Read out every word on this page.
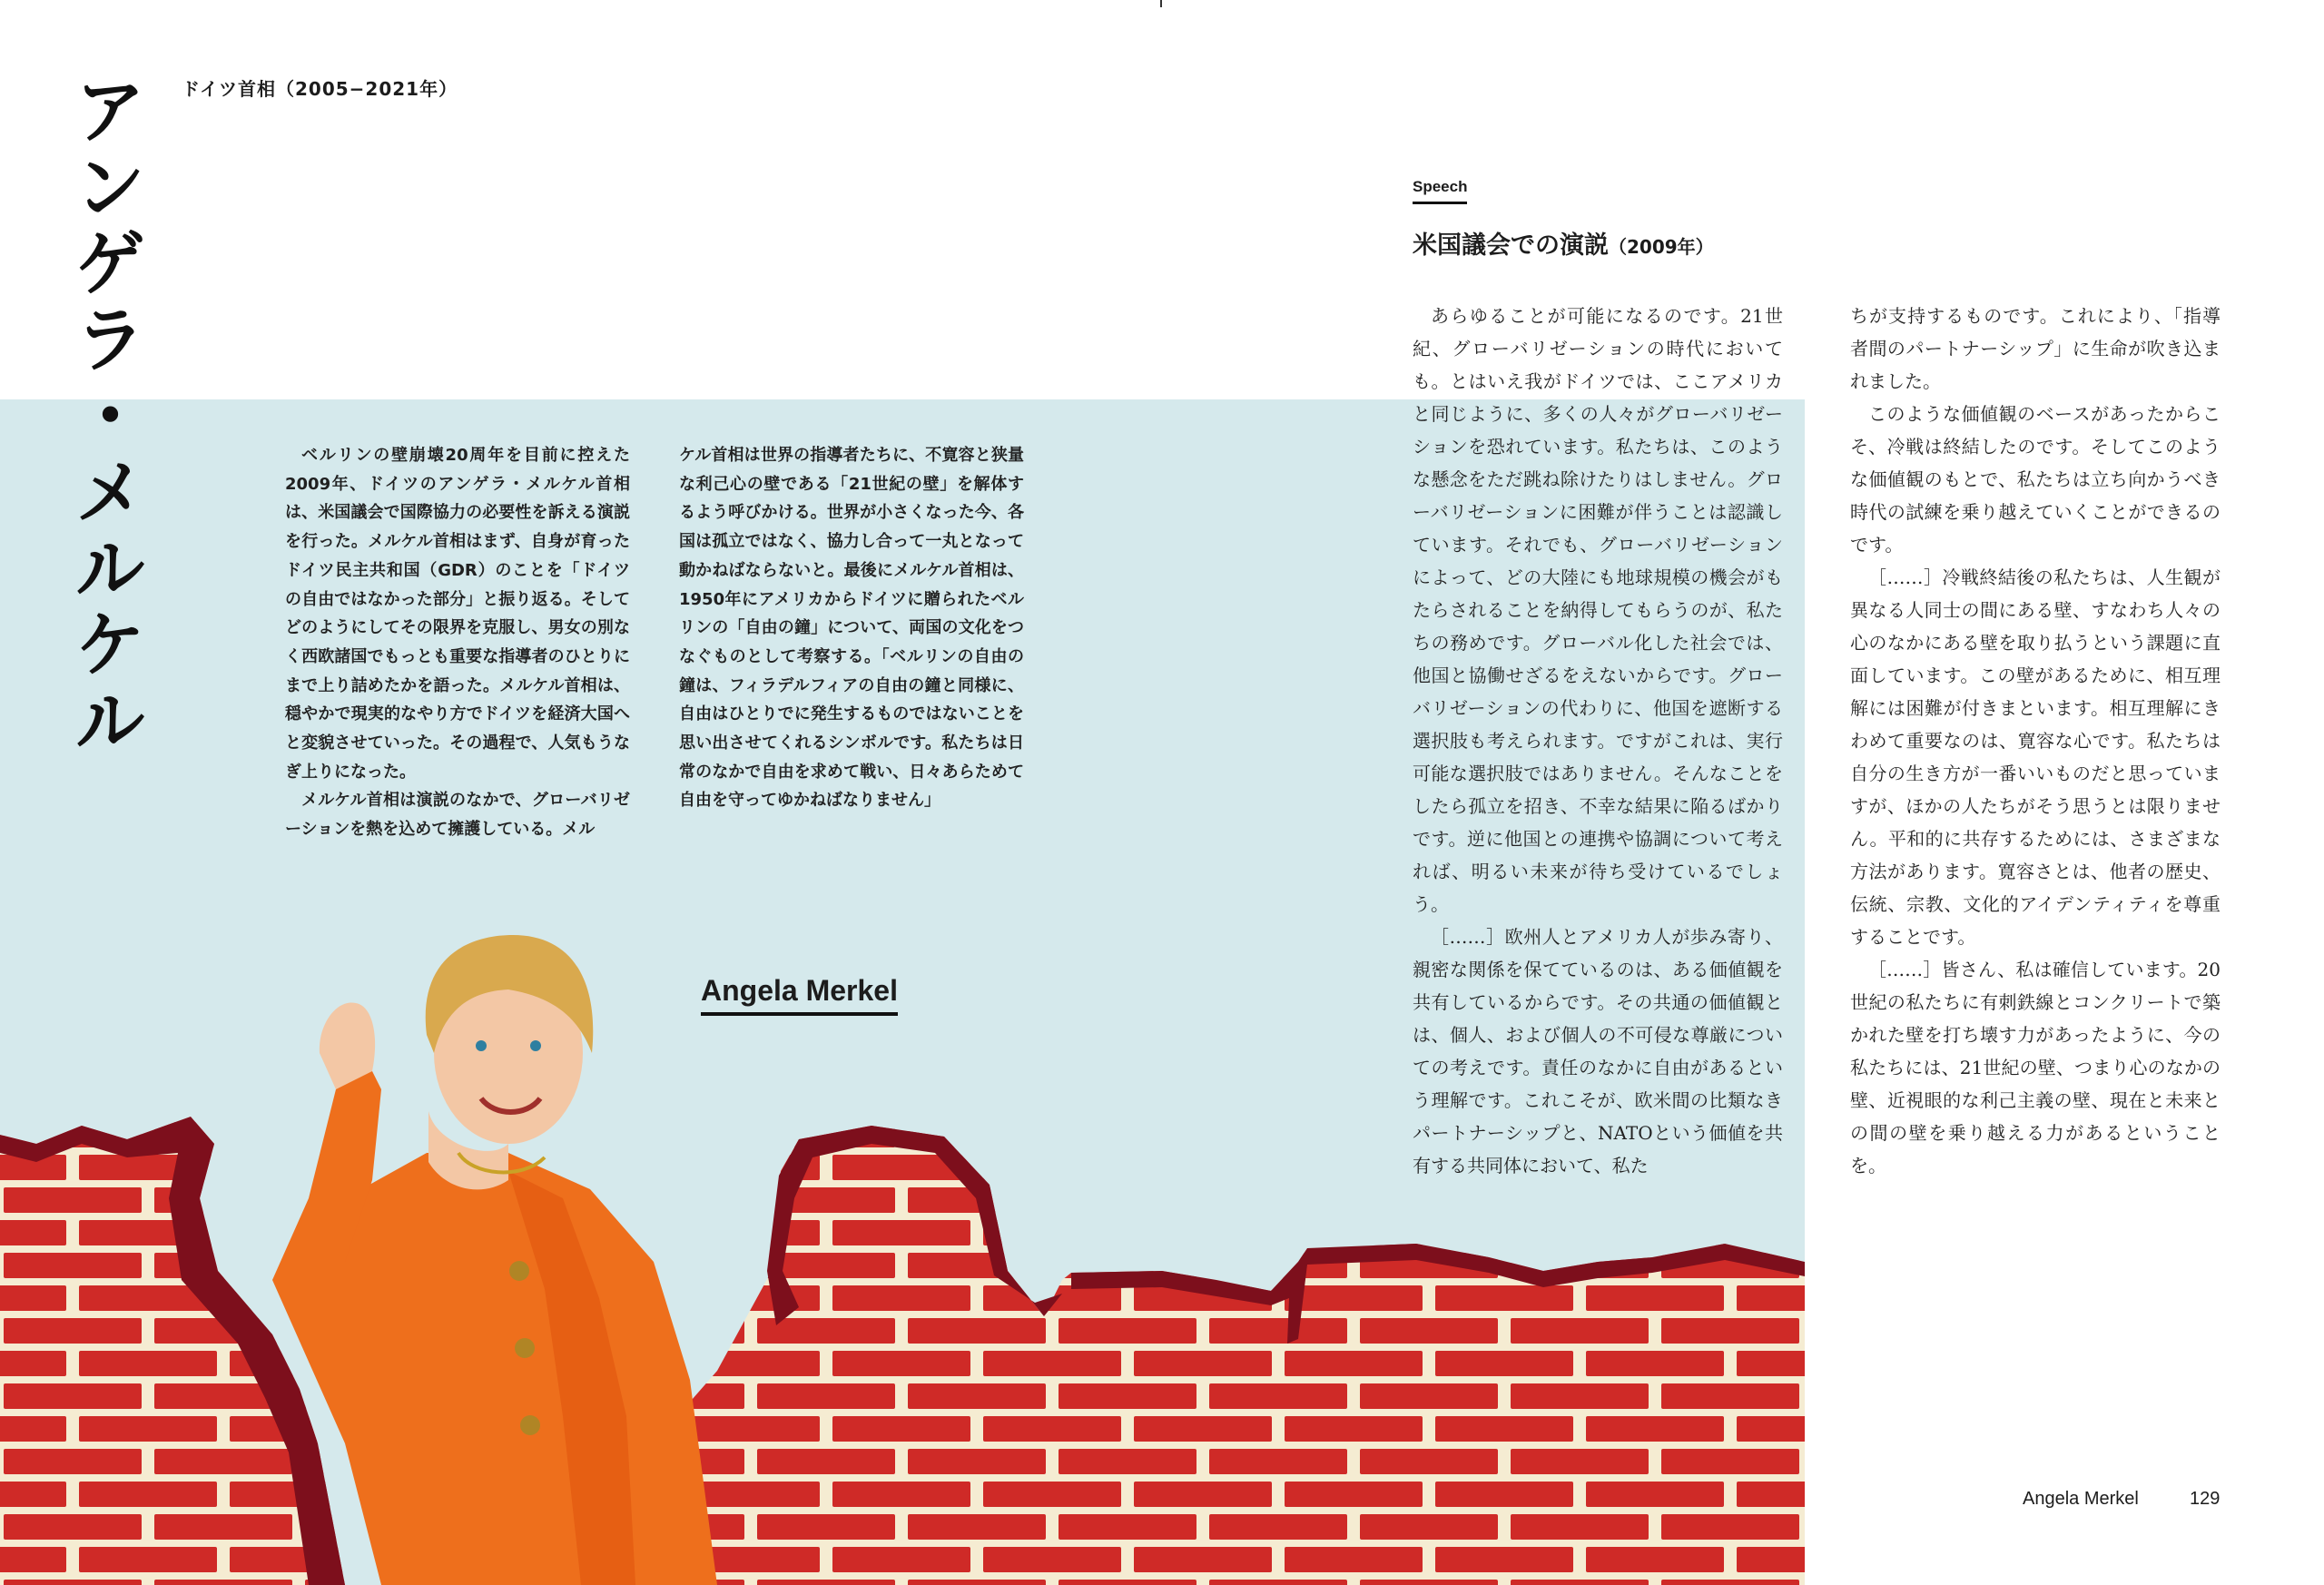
アンゲラ・メルケル ドイツ首相（2005−2021年）

ベルリンの壁崩壊20周年を目前に控えた2009年、ドイツのアンゲラ・メルケル首相は、米国議会で国際協力の必要性を訴える演説を行った。メルケル首相はまず、自身が育ったドイツ民主共和国（GDR）のことを「ドイツの自由ではなかった部分」と振り返る。そしてどのようにしてその限界を克服し、男女の別なく西欧諸国でもっとも重要な指導者のひとりにまで上り詰めたかを語った。メルケル首相は、穏やかで現実的なやり方でドイツを経済大国へと変貌させていった。その過程で、人気もうなぎ上りになった。

メルケル首相は演説のなかで、グローバリゼーションを熱を込めて擁護している。メル

ケル首相は世界の指導者たちに、不寛容と狭量な利己心の壁である「21世紀の壁」を解体するよう呼びかける。世界が小さくなった今、各国は孤立ではなく、協力し合って一丸となって動かねばならないと。最後にメルケル首相は、1950年にアメリカからドイツに贈られたベルリンの「自由の鐘」について、両国の文化をつなぐものとして考察する。「ベルリンの自由の鐘は、フィラデルフィアの自由の鐘と同様に、自由はひとりでに発生するものではないことを思い出させてくれるシンボルです。私たちは日常のなかで自由を求めて戦い、日々あらためて自由を守ってゆかねばなりません」

Angela Merkel
Speech
米国議会での演説（2009年）

あらゆることが可能になるのです。21世紀、グローバリゼーションの時代においても。とはいえ我がドイツでは、ここアメリカと同じように、多くの人々がグローバリゼーションを恐れています。私たちは、このような懸念をただ跳ね除けたりはしません。グローバリゼーションに困難が伴うことは認識しています。それでも、グローバリゼーションによって、どの大陸にも地球規模の機会がもたらされることを納得してもらうのが、私たちの務めです。グローバル化した社会では、他国と協働せざるをえないからです。グローバリゼーションの代わりに、他国を遮断する選択肢も考えられます。ですがこれは、実行可能な選択肢ではありません。そんなことをしたら孤立を招き、不幸な結果に陥るばかりです。逆に他国との連携や協調について考えれば、明るい未来が待ち受けているでしょう。

［……］欧州人とアメリカ人が歩み寄り、親密な関係を保てているのは、ある価値観を共有しているからです。その共通の価値観とは、個人、および個人の不可侵な尊厳についての考えです。責任のなかに自由があるという理解です。これこそが、欧米間の比類なきパートナーシップと、NATOという価値を共有する共同体において、私た

ちが支持するものです。これにより、「指導者間のパートナーシップ」に生命が吹き込まれました。

このような価値観のベースがあったからこそ、冷戦は終結したのです。そしてこのような価値観のもとで、私たちは立ち向かうべき時代の試練を乗り越えていくことができるのです。

［……］冷戦終結後の私たちは、人生観が異なる人同士の間にある壁、すなわち人々の心のなかにある壁を取り払うという課題に直面しています。この壁があるために、相互理解には困難が付きまといます。相互理解にきわめて重要なのは、寛容な心です。私たちは自分の生き方が一番いいものだと思っていますが、ほかの人たちがそう思うとは限りません。平和的に共存するためには、さまざまな方法があります。寛容さとは、他者の歴史、伝統、宗教、文化的アイデンティティを尊重することです。

［……］皆さん、私は確信しています。20世紀の私たちに有刺鉄線とコンクリートで築かれた壁を打ち壊す力があったように、今の私たちには、21世紀の壁、つまり心のなかの壁、近視眼的な利己主義の壁、現在と未来との間の壁を乗り越える力があるということを。

Angela Merkel	129
